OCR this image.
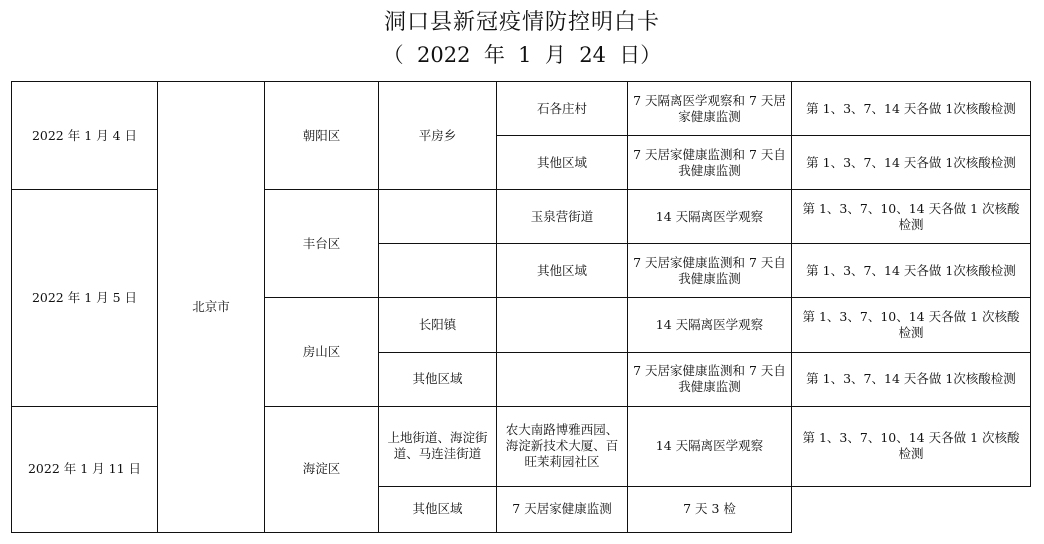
洞口县新冠疫情防控明白卡
（  2022  年  1  月  24  日）
2022 年 1 月 4 日	北京市	朝阳区	平房乡	石各庄村	7 天隔离医学观察和 7 天居家健康监测	第 1、3、7、14 天各做 1次核酸检测
				其他区域	7 天居家健康监测和 7 天自我健康监测	第 1、3、7、14 天各做 1次核酸检测
2022 年 1 月 5 日		丰台区		玉泉营街道	14 天隔离医学观察	第 1、3、7、10、14 天各做 1 次核酸检测
				其他区域	7 天居家健康监测和 7 天自我健康监测	第 1、3、7、14 天各做 1次核酸检测
		房山区	长阳镇		14 天隔离医学观察	第 1、3、7、10、14 天各做 1 次核酸检测
			其他区域		7 天居家健康监测和 7 天自我健康监测	第 1、3、7、14 天各做 1次核酸检测
2022 年 1 月 11 日		海淀区	上地街道、海淀街道、马连洼街道	农大南路博雅西园、海淀新技术大厦、百旺茉莉园社区	14 天隔离医学观察	第 1、3、7、10、14 天各做 1 次核酸检测
			其他区域	7 天居家健康监测	7 天 3 检	
